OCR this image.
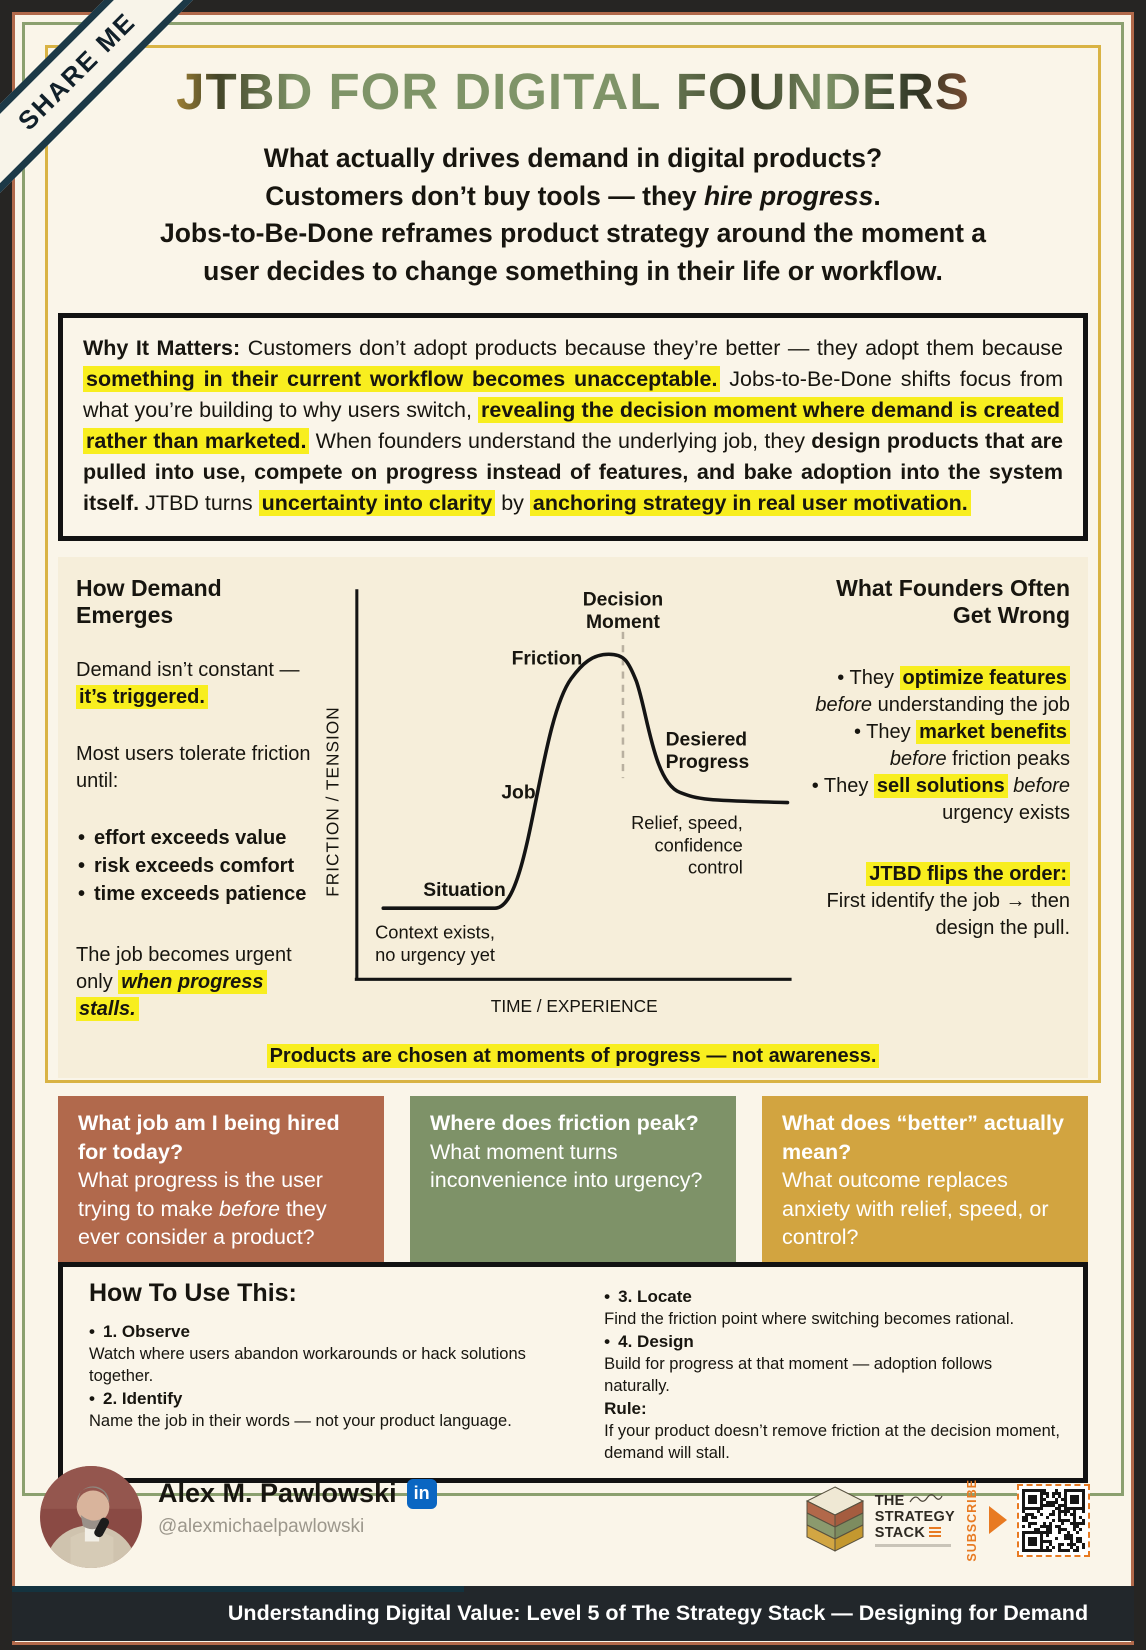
SHARE ME JTBD FOR DIGITAL FOUNDERS
What actually drives demand in digital products?
Customers don’t buy tools — they hire progress.
Jobs-to-Be-Done reframes product strategy around the moment a
user decides to change something in their life or workflow.
Why It Matters: Customers don’t adopt products because they’re better — they adopt them because something in their current workflow becomes unacceptable. Jobs-to-Be-Done shifts focus from what you’re building to why users switch, revealing the decision moment where demand is created rather than marketed. When founders understand the underlying job, they design products that are pulled into use, compete on progress instead of features, and bake adoption into the system itself. JTBD turns uncertainty into clarity by anchoring strategy in real user motivation.
How Demand Emerges

Demand isn’t constant — it’s triggered.

Most users tolerate friction until:

• effort exceeds value
• risk exceeds comfort
• time exceeds patience

The job becomes urgent only when progress stalls.

FRICTION / TENSION
TIME / EXPERIENCE
Decision
Moment
Friction
Job
Situation
Context exists,
no urgency yet
Desiered
Progress
Relief, speed,
confidence
control
What Founders Often
Get Wrong

• They optimize features before understanding the job

• They market benefits before friction peaks

• They sell solutions before urgency exists

JTBD flips the order:
First identify the job → then design the pull.
Products are chosen at moments of progress — not awareness.
What job am I being hired for today?
What progress is the user trying to make before they ever consider a product?
Where does friction peak?
What moment turns inconvenience into urgency?
What does “better” actually mean?
What outcome replaces anxiety with relief, speed, or control?
How To Use This:
• 1. Observe
Watch where users abandon workarounds or hack solutions together.
• 2. Identify
Name the job in their words — not your product language.
• 3. Locate
Find the friction point where switching becomes rational.
• 4. Design
Build for progress at that moment — adoption follows naturally.
Rule:
If your product doesn’t remove friction at the decision moment, demand will stall.
Alex M. Pawlowski in
@alexmichaelpawlowski
THE
STRATEGY
STACK	SUBSCRIBE
Understanding Digital Value: Level 5 of The Strategy Stack — Designing for Demand
